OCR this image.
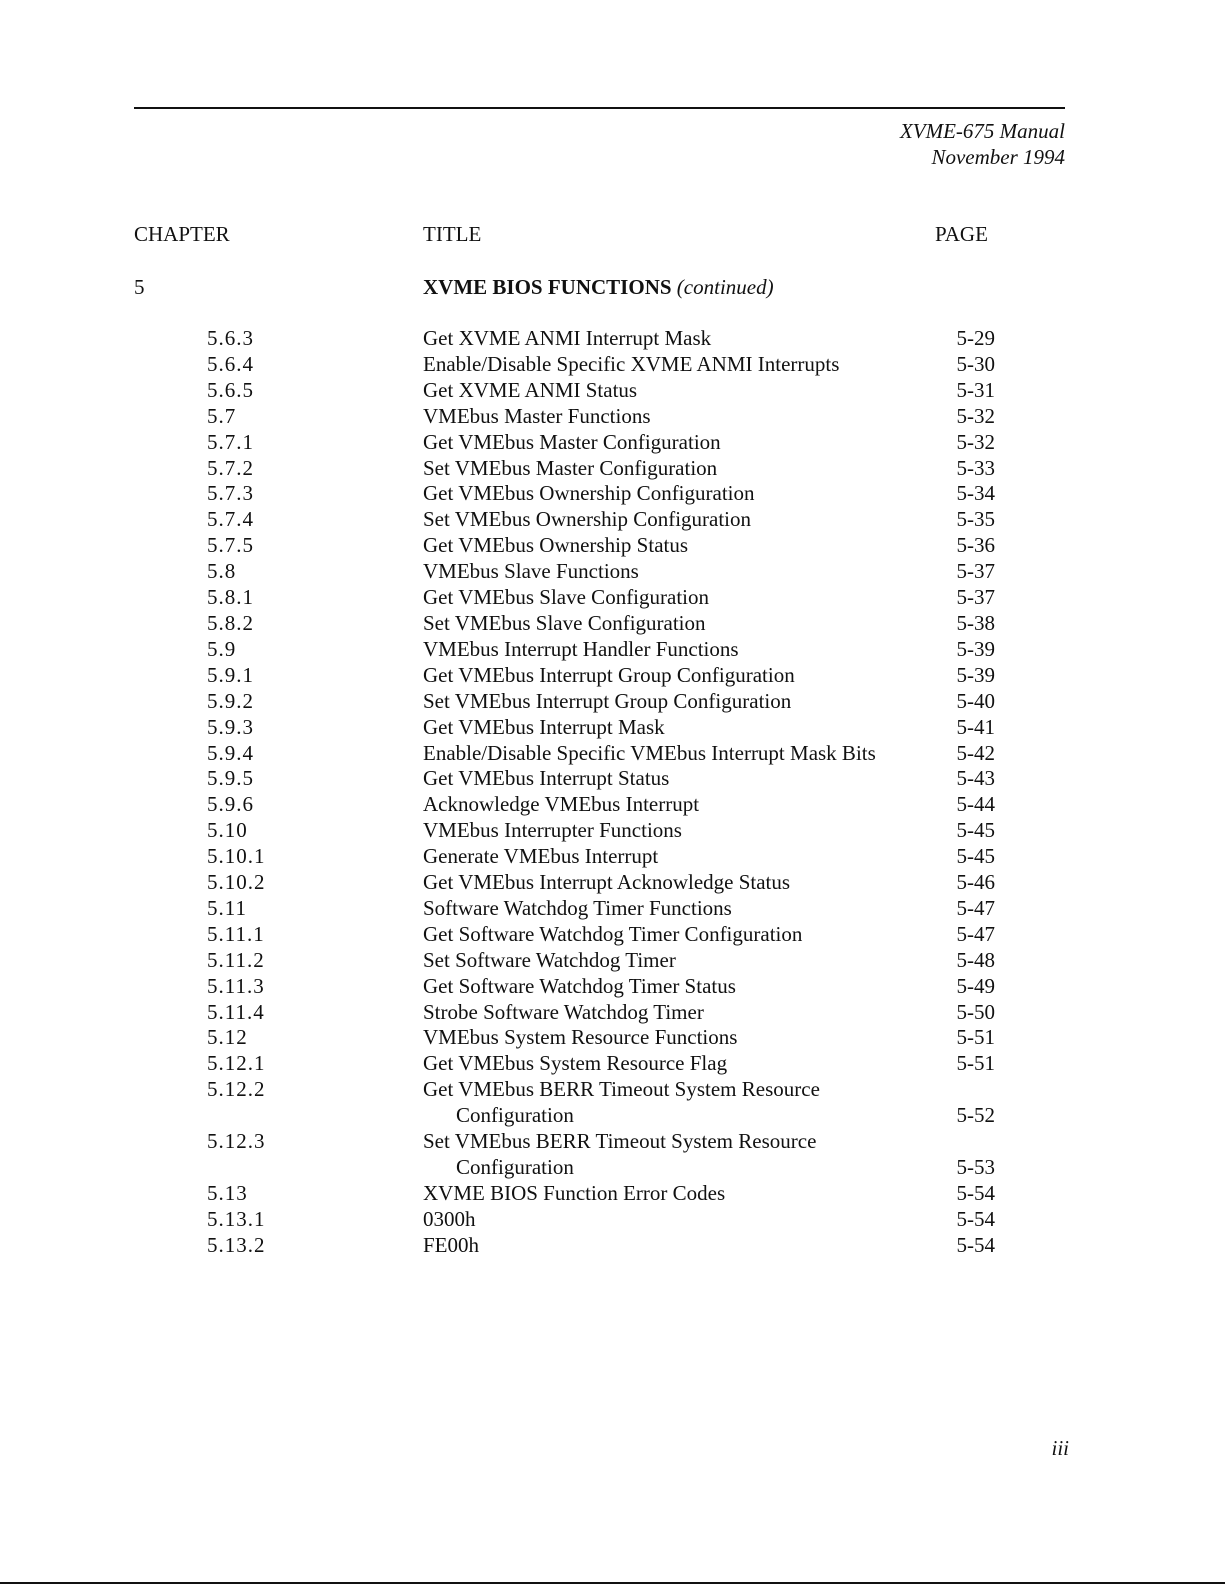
XVME-675 Manual
November 1994
CHAPTER	TITLE	PAGE
5	XVME BIOS FUNCTIONS (continued)
5.6.3	Get XVME ANMI Interrupt Mask	5-29
5.6.4	Enable/Disable Specific XVME ANMI Interrupts	5-30
5.6.5	Get XVME ANMI Status	5-31
5.7	VMEbus Master Functions	5-32
5.7.1	Get VMEbus Master Configuration	5-32
5.7.2	Set VMEbus Master Configuration	5-33
5.7.3	Get VMEbus Ownership Configuration	5-34
5.7.4	Set VMEbus Ownership Configuration	5-35
5.7.5	Get VMEbus Ownership Status	5-36
5.8	VMEbus Slave Functions	5-37
5.8.1	Get VMEbus Slave Configuration	5-37
5.8.2	Set VMEbus Slave Configuration	5-38
5.9	VMEbus Interrupt Handler Functions	5-39
5.9.1	Get VMEbus Interrupt Group Configuration	5-39
5.9.2	Set VMEbus Interrupt Group Configuration	5-40
5.9.3	Get VMEbus Interrupt Mask	5-41
5.9.4	Enable/Disable Specific VMEbus Interrupt Mask Bits	5-42
5.9.5	Get VMEbus Interrupt Status	5-43
5.9.6	Acknowledge VMEbus Interrupt	5-44
5.10	VMEbus Interrupter Functions	5-45
5.10.1	Generate VMEbus Interrupt	5-45
5.10.2	Get VMEbus Interrupt Acknowledge Status	5-46
5.11	Software Watchdog Timer Functions	5-47
5.11.1	Get Software Watchdog Timer Configuration	5-47
5.11.2	Set Software Watchdog Timer	5-48
5.11.3	Get Software Watchdog Timer Status	5-49
5.11.4	Strobe Software Watchdog Timer	5-50
5.12	VMEbus System Resource Functions	5-51
5.12.1	Get VMEbus System Resource Flag	5-51
5.12.2	Get VMEbus BERR Timeout System Resource
Configuration	5-52
5.12.3	Set VMEbus BERR Timeout System Resource
Configuration	5-53
5.13	XVME BIOS Function Error Codes	5-54
5.13.1	0300h	5-54
5.13.2	FE00h	5-54
iii
